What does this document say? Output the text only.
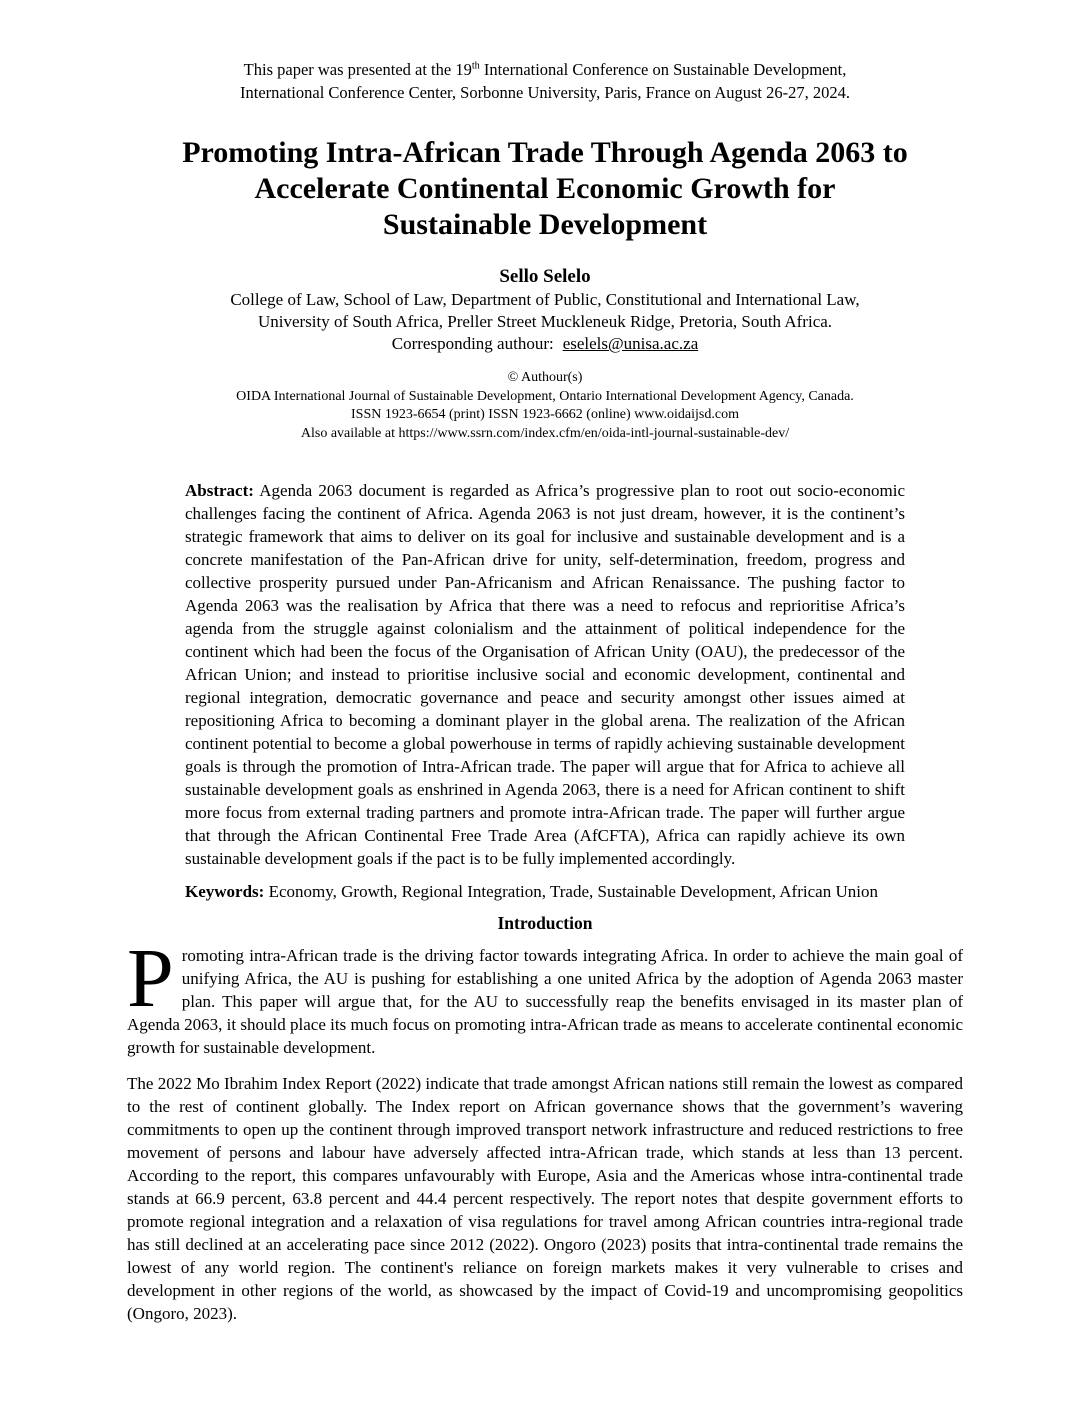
This paper was presented at the 19th International Conference on Sustainable Development,
International Conference Center, Sorbonne University, Paris, France on August 26-27, 2024.
Promoting Intra-African Trade Through Agenda 2063 to
Accelerate Continental Economic Growth for
Sustainable Development
Sello Selelo
College of Law, School of Law, Department of Public, Constitutional and International Law,
University of South Africa, Preller Street Muckleneuk Ridge, Pretoria, South Africa.
Corresponding authour: eselels@unisa.ac.za
© Authour(s)
OIDA International Journal of Sustainable Development, Ontario International Development Agency, Canada.
ISSN 1923-6654 (print) ISSN 1923-6662 (online) www.oidaijsd.com
Also available at https://www.ssrn.com/index.cfm/en/oida-intl-journal-sustainable-dev/
Abstract: Agenda 2063 document is regarded as Africa’s progressive plan to root out socio-economic challenges facing the continent of Africa. Agenda 2063 is not just dream, however, it is the continent’s strategic framework that aims to deliver on its goal for inclusive and sustainable development and is a concrete manifestation of the Pan-African drive for unity, self-determination, freedom, progress and collective prosperity pursued under Pan-Africanism and African Renaissance. The pushing factor to Agenda 2063 was the realisation by Africa that there was a need to refocus and reprioritise Africa’s agenda from the struggle against colonialism and the attainment of political independence for the continent which had been the focus of the Organisation of African Unity (OAU), the predecessor of the African Union; and instead to prioritise inclusive social and economic development, continental and regional integration, democratic governance and peace and security amongst other issues aimed at repositioning Africa to becoming a dominant player in the global arena. The realization of the African continent potential to become a global powerhouse in terms of rapidly achieving sustainable development goals is through the promotion of Intra-African trade. The paper will argue that for Africa to achieve all sustainable development goals as enshrined in Agenda 2063, there is a need for African continent to shift more focus from external trading partners and promote intra-African trade. The paper will further argue that through the African Continental Free Trade Area (AfCFTA), Africa can rapidly achieve its own sustainable development goals if the pact is to be fully implemented accordingly.
Keywords: Economy, Growth, Regional Integration, Trade, Sustainable Development, African Union
Introduction
Promoting intra-African trade is the driving factor towards integrating Africa. In order to achieve the main goal of unifying Africa, the AU is pushing for establishing a one united Africa by the adoption of Agenda 2063 master plan. This paper will argue that, for the AU to successfully reap the benefits envisaged in its master plan of Agenda 2063, it should place its much focus on promoting intra-African trade as means to accelerate continental economic growth for sustainable development.
The 2022 Mo Ibrahim Index Report (2022) indicate that trade amongst African nations still remain the lowest as compared to the rest of continent globally. The Index report on African governance shows that the government’s wavering commitments to open up the continent through improved transport network infrastructure and reduced restrictions to free movement of persons and labour have adversely affected intra-African trade, which stands at less than 13 percent. According to the report, this compares unfavourably with Europe, Asia and the Americas whose intra-continental trade stands at 66.9 percent, 63.8 percent and 44.4 percent respectively. The report notes that despite government efforts to promote regional integration and a relaxation of visa regulations for travel among African countries intra-regional trade has still declined at an accelerating pace since 2012 (2022). Ongoro (2023) posits that intra-continental trade remains the lowest of any world region. The continent's reliance on foreign markets makes it very vulnerable to crises and development in other regions of the world, as showcased by the impact of Covid-19 and uncompromising geopolitics (Ongoro, 2023).
